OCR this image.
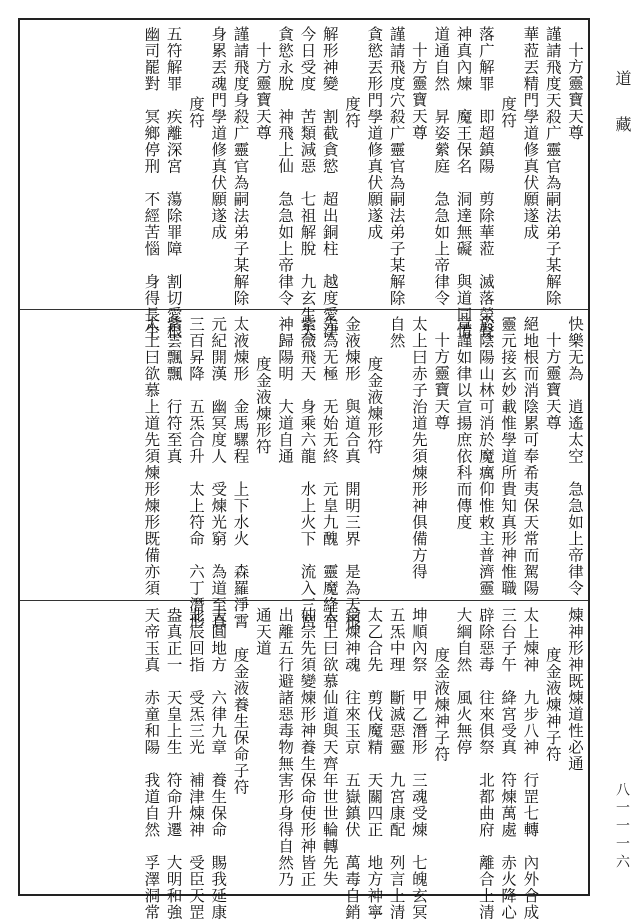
十方靈寶天尊
謹請飛度天殺广靈官為嗣法弟子某解除
華蒞丟精門學道修真伏願遂成
度符
落广解罪　即超鎮陽　剪除華蒞　滅落榮聲
神真內煉　魔王保名　洞達無礙　與道同情
道通自然　昇姿縈庭　急急如上帝律令
十方靈寶天尊
謹請飛度穴殺广靈官為嗣法弟子某解除
貪慾丟形門學道修真伏願遂成
度符
解形神變　割截貪慾　超出銅柱　越度愛津
今日受度　苦類減惡　七祖解脫　九玄生天
貪慾永脫　神飛上仙　急急如上帝律令
十方靈寶天尊
謹請飛度身殺广靈官為嗣法弟子某解除
身累丟魂門學道修真伏願遂成
度符
五符解罪　疾離深宮　蕩除罪障　割切愛根
幽司罷對　冥鄉停刑　不經苦惱　身得長生
快樂无為　逍遙太空　急急如上帝律令
十方靈寶天尊
絕地根而消陰累可奉希夷保天常而駕陽
靈元接玄妙載惟學道所貴知真形神惟職
於陰陽山林可消於魔癘仰惟敕主普濟靈
章謹如律以宣揚庶依科而傳度
十方靈寶天尊
太上曰赤子治道先須煉形神俱備方得
自然
度金液煉形符
金液煉形　與道合真　開明三界　是為天根
先為无極　无始无終　元皇九醜　靈魔絳宮
紫薇飛天　身乘六龍　水上火下　流入三宮
神歸陽明　大道自通
度金液煉形符
太液煉形　金馬騾程　上下水火　森羅淨霄
元紀開漢　幽冥度人　受煉光窮　為道至真
三百昇降　五炁合升　太上符命　六丁潛形
紫雲飄飄　行符至真
太上曰欲慕上道先須煉形煉形既備亦須
煉神形神既煉道性必通
度金液煉神子符
太上煉神　九步八神　行罡七轉　內外合成
三台子午　絳宮受真　符煉萬處　赤火降心
辟除惡毒　往來俱祭　北都曲府　離合上清
大綱自然　風火無停
度金液煉神子符
坤順內祭　甲乙潛形　三魂受煉　七魄玄冥
五炁中理　斷滅惡靈　九宮康配　列言上清
太乙合先　剪伐魔精　天關四正　地方神寧
受煉神魂　往來玉京　五嶽鎮伏　萬毒自銷
太上曰欲慕仙道與天齊年世世輪轉先失
仙宗先須變煉形神養生保命使形神皆正
出離五行避諸惡毒物無害形身得自然乃
通天道
度金液養生保命子符
天圓地方　六律九章　養生保命　賜我延康
北辰回指　受炁三光　補津煉神　受臣天罡
盎真正一　天皇上生　符命升遷　大明和強
天帝玉真　赤童和陽　我道自然　孚澤洞常
道藏
八一一一六
